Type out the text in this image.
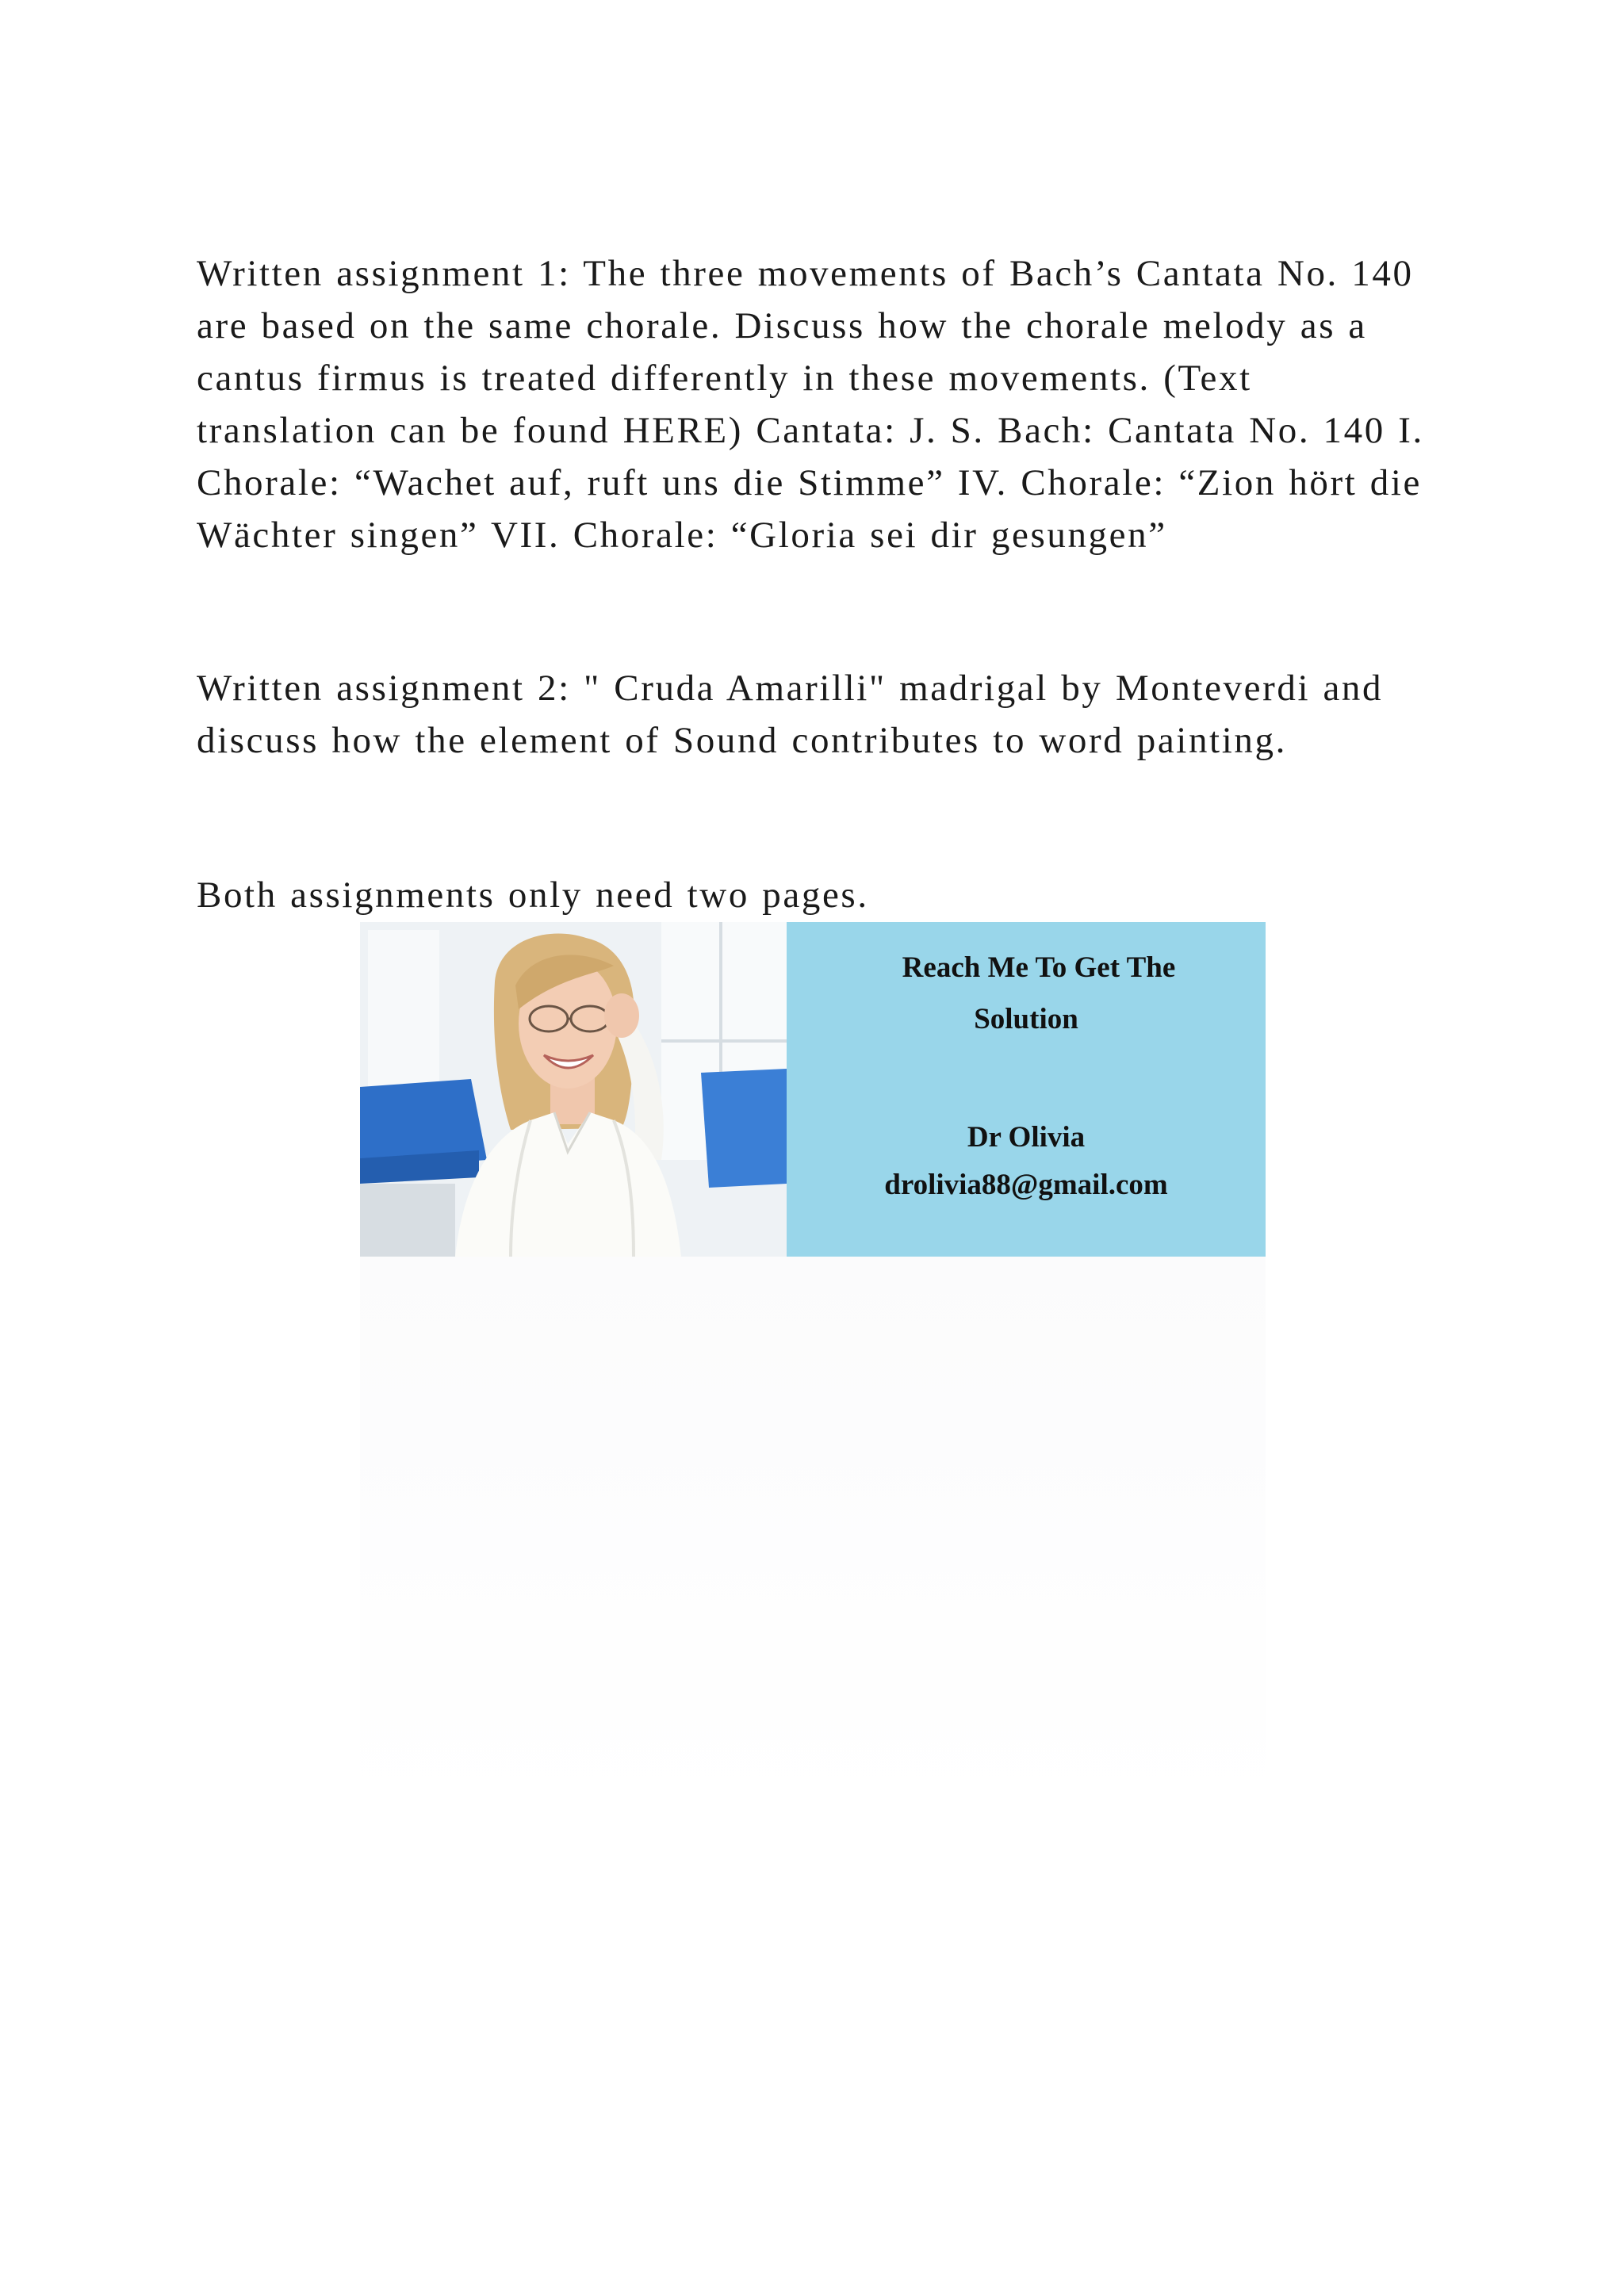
Written assignment 1: The three movements of Bach’s Cantata No. 140 are based on the same chorale. Discuss how the chorale melody as a cantus firmus is treated differently in these movements. (Text translation can be found HERE) Cantata: J. S. Bach: Cantata No. 140 I. Chorale: “Wachet auf, ruft uns die Stimme” IV. Chorale: “Zion hört die Wächter singen” VII. Chorale: “Gloria sei dir gesungen”

Written assignment 2: " Cruda Amarilli" madrigal by Monteverdi and discuss how the element of Sound contributes to word painting.

Both assignments only need two pages.

Reach Me To Get The

Solution

Dr Olivia

drolivia88@gmail.com
